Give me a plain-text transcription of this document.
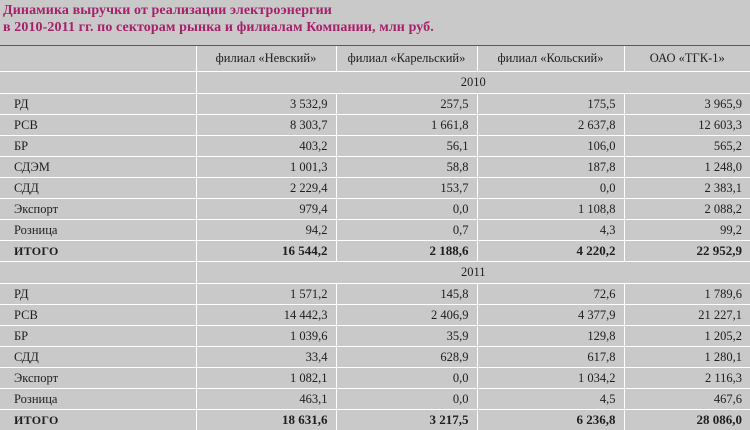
Динамика выручки от реализации электроэнергии
в 2010-2011 гг. по секторам рынка и филиалам Компании, млн руб.
	филиал «Невский»	филиал «Карельский»	филиал «Кольский»	ОАО «ТГК-1»
	2010			
РД	3 532,9	257,5	175,5	3 965,9
РСВ	8 303,7	1 661,8	2 637,8	12 603,3
БР	403,2	56,1	106,0	565,2
СДЭМ	1 001,3	58,8	187,8	1 248,0
СДД	2 229,4	153,7	0,0	2 383,1
Экспорт	979,4	0,0	1 108,8	2 088,2
Розница	94,2	0,7	4,3	99,2
ИТОГО	16 544,2	2 188,6	4 220,2	22 952,9
	2011			
РД	1 571,2	145,8	72,6	1 789,6
РСВ	14 442,3	2 406,9	4 377,9	21 227,1
БР	1 039,6	35,9	129,8	1 205,2
СДД	33,4	628,9	617,8	1 280,1
Экспорт	1 082,1	0,0	1 034,2	2 116,3
Розница	463,1	0,0	4,5	467,6
ИТОГО	18 631,6	3 217,5	6 236,8	28 086,0
